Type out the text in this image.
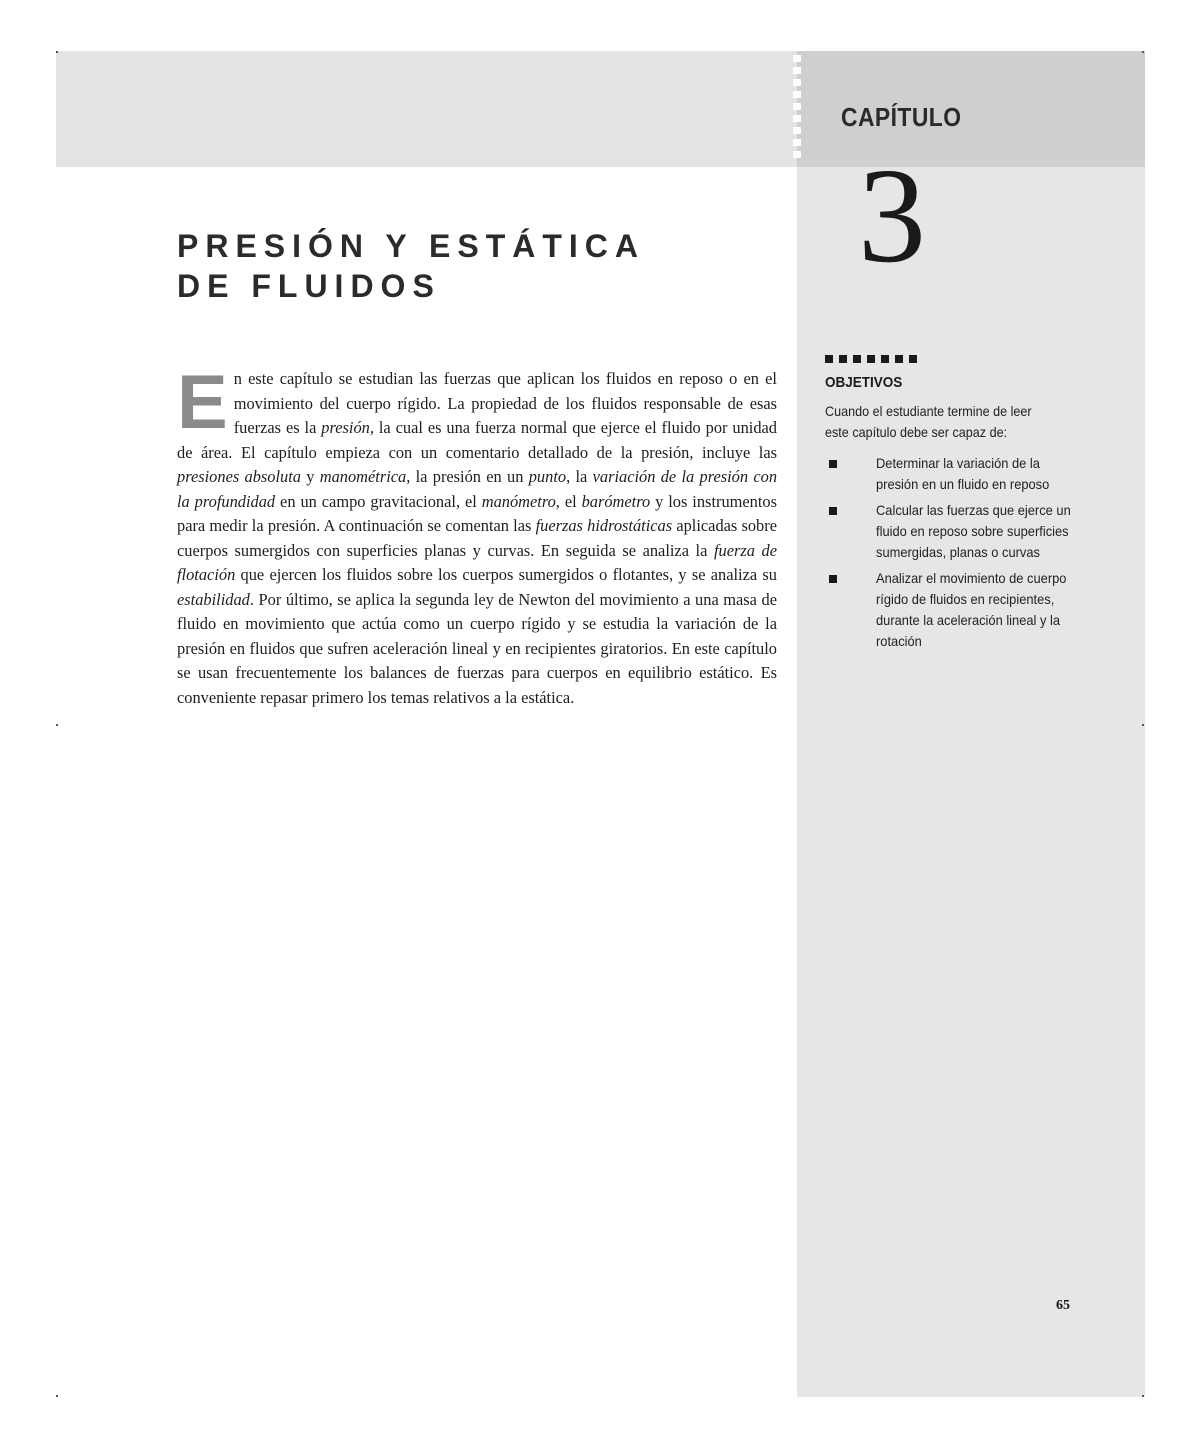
CAPÍTULO
3
PRESIÓN Y ESTÁTICA
DE FLUIDOS

En este capítulo se estudian las fuerzas que aplican los fluidos en reposo o en el movimiento del cuerpo rígido. La propiedad de los fluidos responsable de esas fuerzas es la presión, la cual es una fuerza normal que ejerce el fluido por unidad de área. El capítulo empieza con un comentario detallado de la presión, incluye las presiones absoluta y manométrica, la presión en un punto, la variación de la presión con la profundidad en un campo gravitacional, el manómetro, el barómetro y los instrumentos para medir la presión. A continuación se comentan las fuerzas hidrostáticas aplicadas sobre cuerpos sumergidos con superficies planas y curvas. En seguida se analiza la fuerza de flotación que ejercen los fluidos sobre los cuerpos sumergidos o flotantes, y se analiza su estabilidad. Por último, se aplica la segunda ley de Newton del movimiento a una masa de fluido en movimiento que actúa como un cuerpo rígido y se estudia la variación de la presión en fluidos que sufren aceleración lineal y en recipientes giratorios. En este capítulo se usan frecuentemente los balances de fuerzas para cuerpos en equilibrio estático. Es conveniente repasar primero los temas relativos a la estática.

OBJETIVOS
Cuando el estudiante termine de leer este capítulo debe ser capaz de:
Determinar la variación de la presión en un fluido en reposo
Calcular las fuerzas que ejerce un fluido en reposo sobre superficies sumergidas, planas o curvas
Analizar el movimiento de cuerpo rígido de fluidos en recipientes, durante la aceleración lineal y la rotación
65
